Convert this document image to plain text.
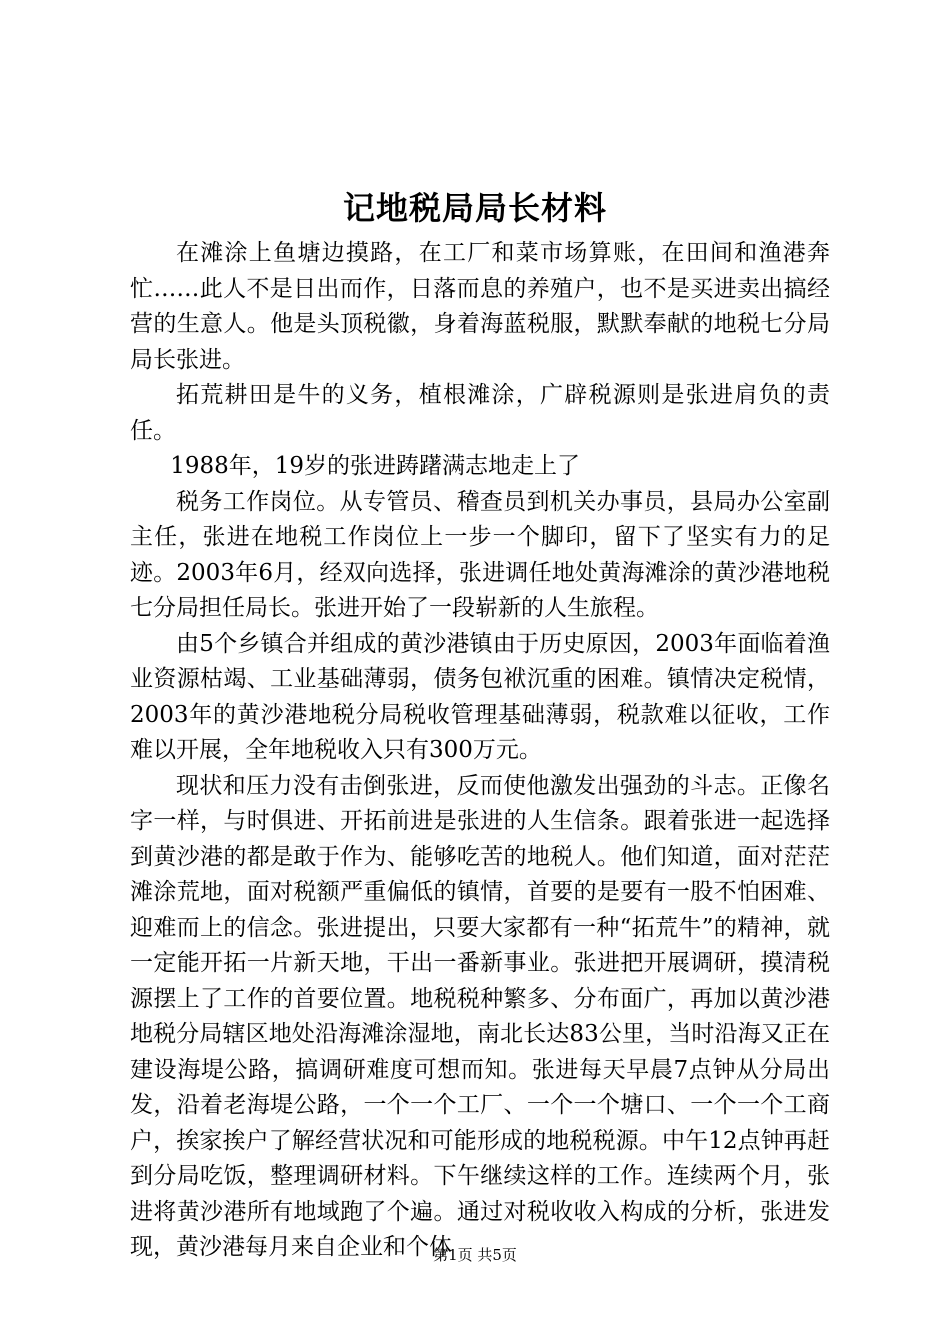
记地税局局长材料

在滩涂上鱼塘边摸路，在工厂和菜市场算账，在田间和渔港奔忙……此人不是日出而作，日落而息的养殖户，也不是买进卖出搞经营的生意人。他是头顶税徽，身着海蓝税服，默默奉献的地税七分局局长张进。

拓荒耕田是牛的义务，植根滩涂，广辟税源则是张进肩负的责任。

1988年，19岁的张进踌躇满志地走上了

税务工作岗位。从专管员、稽查员到机关办事员，县局办公室副主任，张进在地税工作岗位上一步一个脚印，留下了坚实有力的足迹。2003年6月，经双向选择，张进调任地处黄海滩涂的黄沙港地税七分局担任局长。张进开始了一段崭新的人生旅程。

由5个乡镇合并组成的黄沙港镇由于历史原因，2003年面临着渔业资源枯竭、工业基础薄弱，债务包袱沉重的困难。镇情决定税情，2003年的黄沙港地税分局税收管理基础薄弱，税款难以征收，工作难以开展，全年地税收入只有300万元。

现状和压力没有击倒张进，反而使他激发出强劲的斗志。正像名字一样，与时俱进、开拓前进是张进的人生信条。跟着张进一起选择到黄沙港的都是敢于作为、能够吃苦的地税人。他们知道，面对茫茫滩涂荒地，面对税额严重偏低的镇情，首要的是要有一股不怕困难、迎难而上的信念。张进提出，只要大家都有一种“拓荒牛”的精神，就一定能开拓一片新天地，干出一番新事业。张进把开展调研，摸清税源摆上了工作的首要位置。地税税种繁多、分布面广，再加以黄沙港地税分局辖区地处沿海滩涂湿地，南北长达83公里，当时沿海又正在建设海堤公路，搞调研难度可想而知。张进每天早晨7点钟从分局出发，沿着老海堤公路，一个一个工厂、一个一个塘口、一个一个工商户，挨家挨户了解经营状况和可能形成的地税税源。中午12点钟再赶到分局吃饭，整理调研材料。下午继续这样的工作。连续两个月，张进将黄沙港所有地域跑了个遍。通过对税收收入构成的分析，张进发现，黄沙港每月来自企业和个体

第1页 共5页
